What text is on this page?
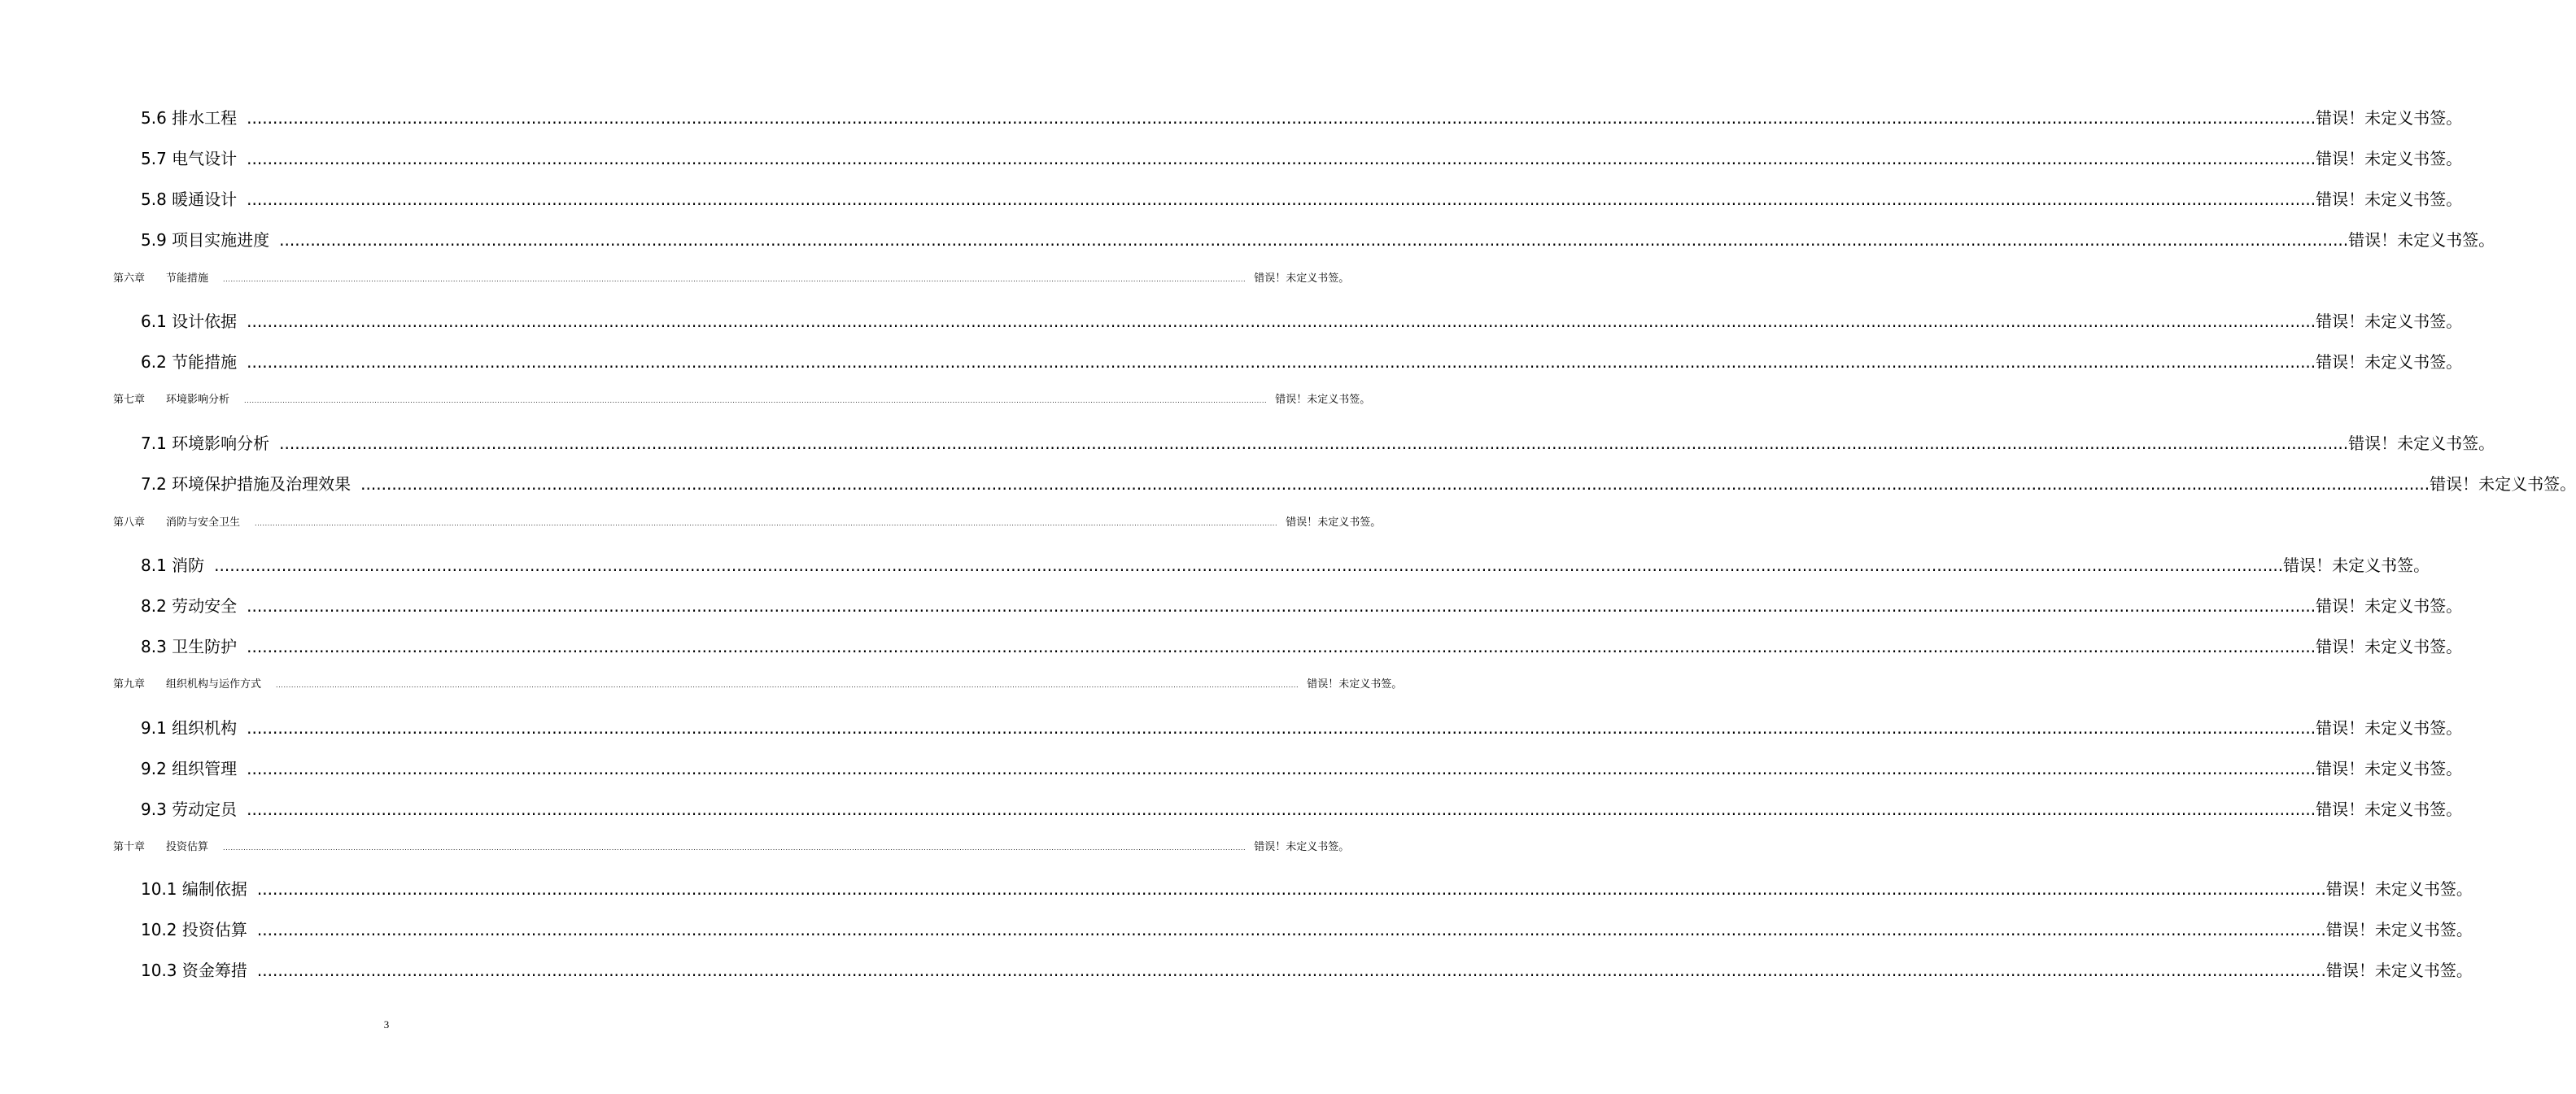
5.6 排水工程 ................................................................................................................................................................................................................................................................................................................................................................................................................ 错误！未定义书签。
5.7 电气设计 ................................................................................................................................................................................................................................................................................................................................................................................................................ 错误！未定义书签。
5.8 暖通设计 ................................................................................................................................................................................................................................................................................................................................................................................................................ 错误！未定义书签。
5.9 项目实施进度 ................................................................................................................................................................................................................................................................................................................................................................................................................ 错误！未定义书签。
第六章　　节能措施 ................................................................................................................................................................................................................................................................................................................................................................................................................ 错误！未定义书签。
6.1 设计依据 ................................................................................................................................................................................................................................................................................................................................................................................................................ 错误！未定义书签。
6.2 节能措施 ................................................................................................................................................................................................................................................................................................................................................................................................................ 错误！未定义书签。
第七章　　环境影响分析 ................................................................................................................................................................................................................................................................................................................................................................................................................ 错误！未定义书签。
7.1 环境影响分析 ................................................................................................................................................................................................................................................................................................................................................................................................................ 错误！未定义书签。
7.2 环境保护措施及治理效果 ................................................................................................................................................................................................................................................................................................................................................................................................................ 错误！未定义书签。
第八章　　消防与安全卫生 ................................................................................................................................................................................................................................................................................................................................................................................................................ 错误！未定义书签。
8.1 消防 ................................................................................................................................................................................................................................................................................................................................................................................................................ 错误！未定义书签。
8.2 劳动安全 ................................................................................................................................................................................................................................................................................................................................................................................................................ 错误！未定义书签。
8.3 卫生防护 ................................................................................................................................................................................................................................................................................................................................................................................................................ 错误！未定义书签。
第九章　　组织机构与运作方式 ................................................................................................................................................................................................................................................................................................................................................................................................................ 错误！未定义书签。
9.1 组织机构 ................................................................................................................................................................................................................................................................................................................................................................................................................ 错误！未定义书签。
9.2 组织管理 ................................................................................................................................................................................................................................................................................................................................................................................................................ 错误！未定义书签。
9.3 劳动定员 ................................................................................................................................................................................................................................................................................................................................................................................................................ 错误！未定义书签。
第十章　　投资估算 ................................................................................................................................................................................................................................................................................................................................................................................................................ 错误！未定义书签。
10.1 编制依据 ................................................................................................................................................................................................................................................................................................................................................................................................................ 错误！未定义书签。
10.2 投资估算 ................................................................................................................................................................................................................................................................................................................................................................................................................ 错误！未定义书签。
10.3 资金筹措 ................................................................................................................................................................................................................................................................................................................................................................................................................ 错误！未定义书签。
3
